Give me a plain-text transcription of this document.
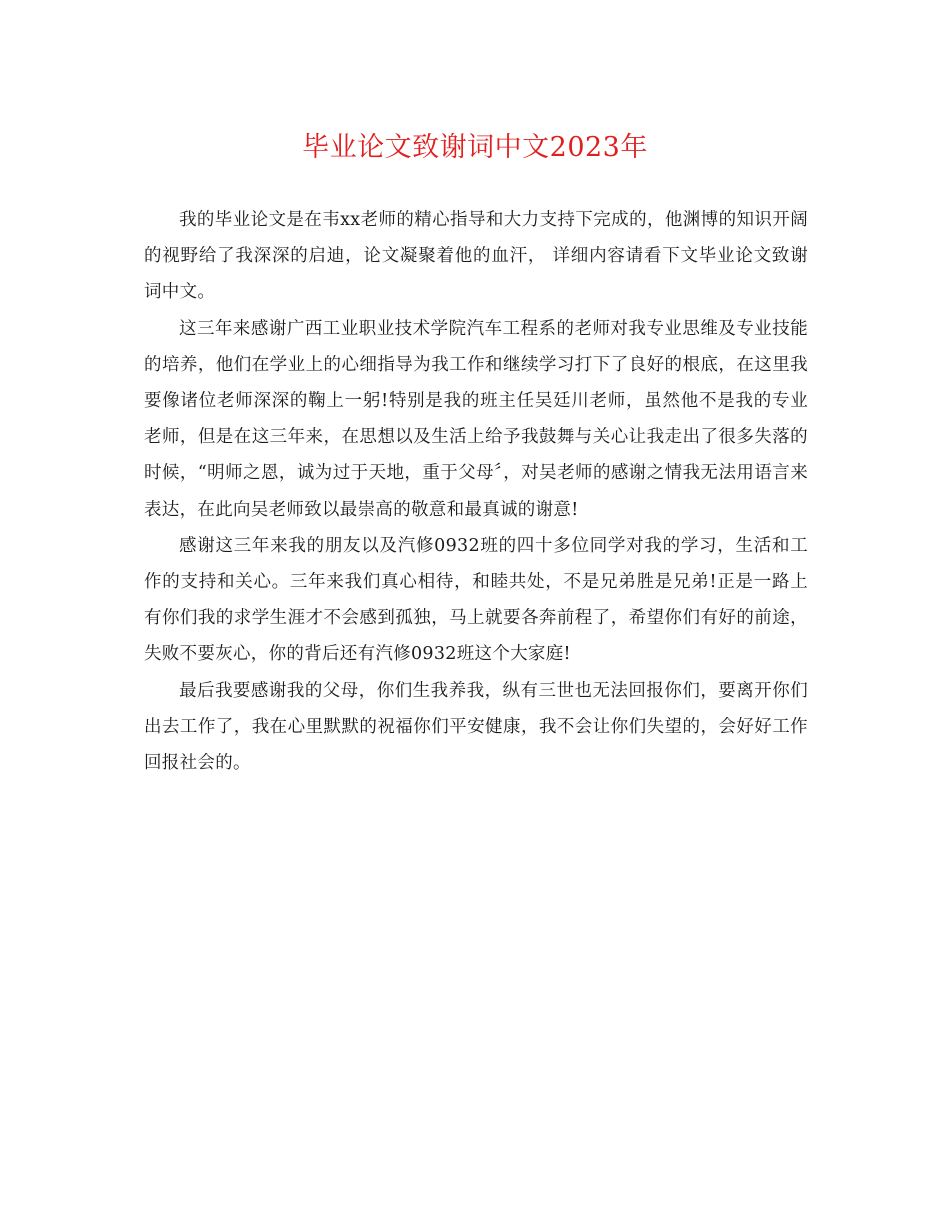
毕业论文致谢词中文2023年

我的毕业论文是在韦xx老师的精心指导和大力支持下完成的，他渊博的知识开阔的视野给了我深深的启迪，论文凝聚着他的血汗， 详细内容请看下文毕业论文致谢词中文。

这三年来感谢广西工业职业技术学院汽车工程系的老师对我专业思维及专业技能的培养，他们在学业上的心细指导为我工作和继续学习打下了良好的根底，在这里我要像诸位老师深深的鞠上一躬!特别是我的班主任吴廷川老师，虽然他不是我的专业老师，但是在这三年来，在思想以及生活上给予我鼓舞与关心让我走出了很多失落的时候，“明师之恩，诚为过于天地，重于父母〞，对吴老师的感谢之情我无法用语言来表达，在此向吴老师致以最崇高的敬意和最真诚的谢意!

感谢这三年来我的朋友以及汽修0932班的四十多位同学对我的学习，生活和工作的支持和关心。三年来我们真心相待，和睦共处，不是兄弟胜是兄弟!正是一路上有你们我的求学生涯才不会感到孤独，马上就要各奔前程了，希望你们有好的前途，失败不要灰心，你的背后还有汽修0932班这个大家庭!

最后我要感谢我的父母，你们生我养我，纵有三世也无法回报你们，要离开你们出去工作了，我在心里默默的祝福你们平安健康，我不会让你们失望的，会好好工作回报社会的。
